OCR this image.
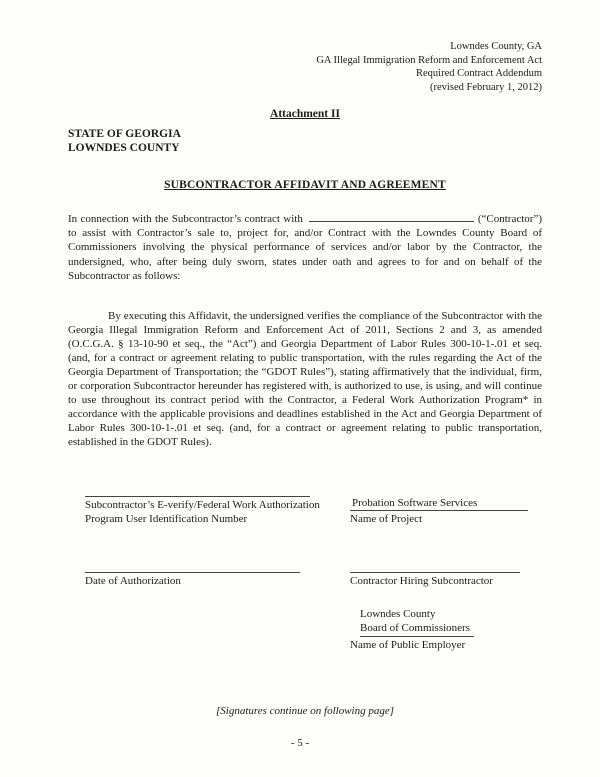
Lowndes County, GA
GA Illegal Immigration Reform and Enforcement Act
Required Contract Addendum
(revised February 1, 2012)
Attachment II
STATE OF GEORGIA
LOWNDES COUNTY
SUBCONTRACTOR AFFIDAVIT AND AGREEMENT

In connection with the Subcontractor’s contract with	(“Contractor”) to assist with Contractor’s sale to, project for, and/or Contract with the Lowndes County Board of Commissioners involving the physical performance of services and/or labor by the Contractor, the undersigned, who, after being duly sworn, states under oath and agrees to for and on behalf of the Subcontractor as follows:

By executing this Affidavit, the undersigned verifies the compliance of the Subcontractor with the Georgia Illegal Immigration Reform and Enforcement Act of 2011, Sections 2 and 3, as amended (O.C.G.A. § 13-10-90 et seq., the “Act”) and Georgia Department of Labor Rules 300-10-1-.01 et seq. (and, for a contract or agreement relating to public transportation, with the rules regarding the Act of the Georgia Department of Transportation; the “GDOT Rules”), stating affirmatively that the individual, firm, or corporation Subcontractor hereunder has registered with, is authorized to use, is using, and will continue to use throughout its contract period with the Contractor, a Federal Work Authorization Program* in accordance with the applicable provisions and deadlines established in the Act and Georgia Department of Labor Rules 300-10-1-.01 et seq. (and, for a contract or agreement relating to public transportation, established in the GDOT Rules).

Subcontractor’s E-verify/Federal Work Authorization Program User Identification Number
Probation Software Services
Name of Project
Date of Authorization	Contractor Hiring Subcontractor
Lowndes County
Board of Commissioners
Name of Public Employer
[Signatures continue on following page]
- 5 -
